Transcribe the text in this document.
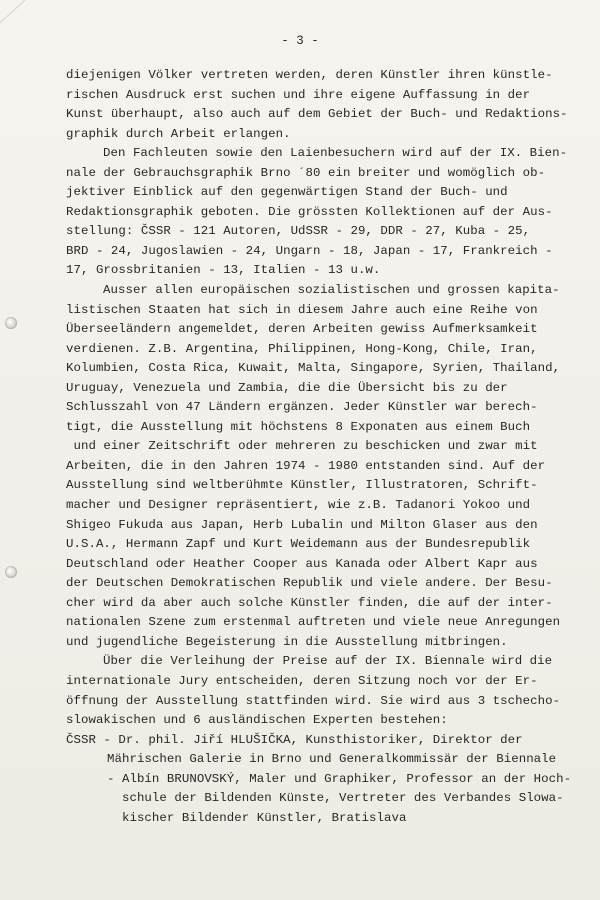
- 3 -
diejenigen Völker vertreten werden, deren Künstler ihren künstle-
rischen Ausdruck erst suchen und ihre eigene Auffassung in der
Kunst überhaupt, also auch auf dem Gebiet der Buch- und Redaktions-
graphik durch Arbeit erlangen.
Den Fachleuten sowie den Laienbesuchern wird auf der IX. Bien-
nale der Gebrauchsgraphik Brno ´80 ein breiter und womöglich ob-
jektiver Einblick auf den gegenwärtigen Stand der Buch- und
Redaktionsgraphik geboten. Die grössten Kollektionen auf der Aus-
stellung: ČSSR - 121 Autoren, UdSSR - 29, DDR - 27, Kuba - 25,
BRD - 24, Jugoslawien - 24, Ungarn - 18, Japan - 17, Frankreich -
17, Grossbritanien - 13, Italien - 13 u.w.
Ausser allen europäischen sozialistischen und grossen kapita-
listischen Staaten hat sich in diesem Jahre auch eine Reihe von
Überseeländern angemeldet, deren Arbeiten gewiss Aufmerksamkeit
verdienen. Z.B. Argentina, Philippinen, Hong-Kong, Chile, Iran,
Kolumbien, Costa Rica, Kuwait, Malta, Singapore, Syrien, Thailand,
Uruguay, Venezuela und Zambia, die die Übersicht bis zu der
Schlusszahl von 47 Ländern ergänzen. Jeder Künstler war berech-
tigt, die Ausstellung mit höchstens 8 Exponaten aus einem Buch
und einer Zeitschrift oder mehreren zu beschicken und zwar mit
Arbeiten, die in den Jahren 1974 - 1980 entstanden sind. Auf der
Ausstellung sind weltberühmte Künstler, Illustratoren, Schrift-
macher und Designer repräsentiert, wie z.B. Tadanori Yokoo und
Shigeo Fukuda aus Japan, Herb Lubalin und Milton Glaser aus den
U.S.A., Hermann Zapf und Kurt Weidemann aus der Bundesrepublik
Deutschland oder Heather Cooper aus Kanada oder Albert Kapr aus
der Deutschen Demokratischen Republik und viele andere. Der Besu-
cher wird da aber auch solche Künstler finden, die auf der inter-
nationalen Szene zum erstenmal auftreten und viele neue Anregungen
und jugendliche Begeisterung in die Ausstellung mitbringen.
Über die Verleihung der Preise auf der IX. Biennale wird die
internationale Jury entscheiden, deren Sitzung noch vor der Er-
öffnung der Ausstellung stattfinden wird. Sie wird aus 3 tschecho-
slowakischen und 6 ausländischen Experten bestehen:
ČSSR - Dr. phil. Jiří HLUŠIČKA, Kunsthistoriker, Direktor der
Mährischen Galerie in Brno und Generalkommissär der Biennale
- Albín BRUNOVSKÝ, Maler und Graphiker, Professor an der Hoch-
schule der Bildenden Künste, Vertreter des Verbandes Slowa-
kischer Bildender Künstler, Bratislava
